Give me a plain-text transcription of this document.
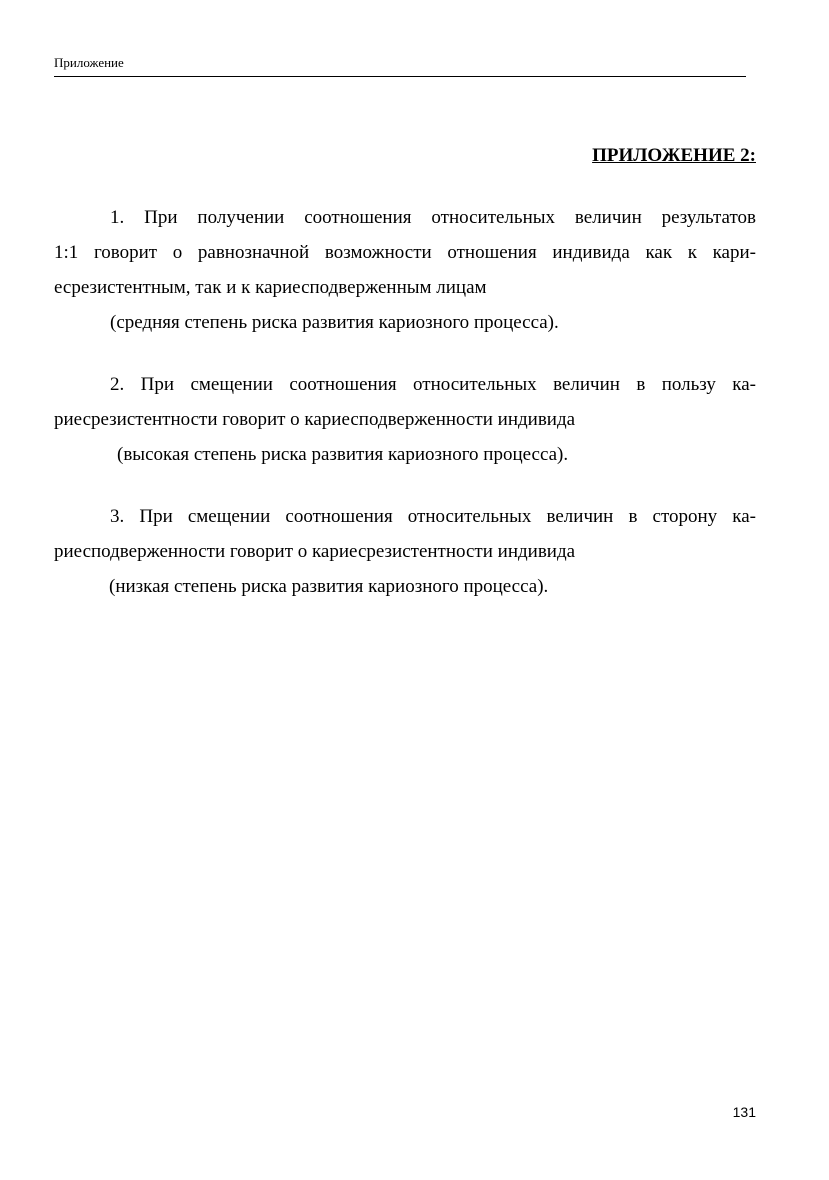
Приложение
ПРИЛОЖЕНИЕ 2:
1. При получении соотношения относительных величин результатов
1:1 говорит о равнозначной возможности отношения индивида как к кари-
есрезистентным, так и к кариесподверженным лицам
(средняя степень риска развития кариозного процесса).
2. При смещении соотношения относительных величин в пользу ка-
риесрезистентности говорит о кариесподверженности индивида
(высокая степень риска развития кариозного процесса).
3. При смещении соотношения относительных величин в сторону ка-
риесподверженности говорит о кариесрезистентности индивида
(низкая степень риска развития кариозного процесса).
131
